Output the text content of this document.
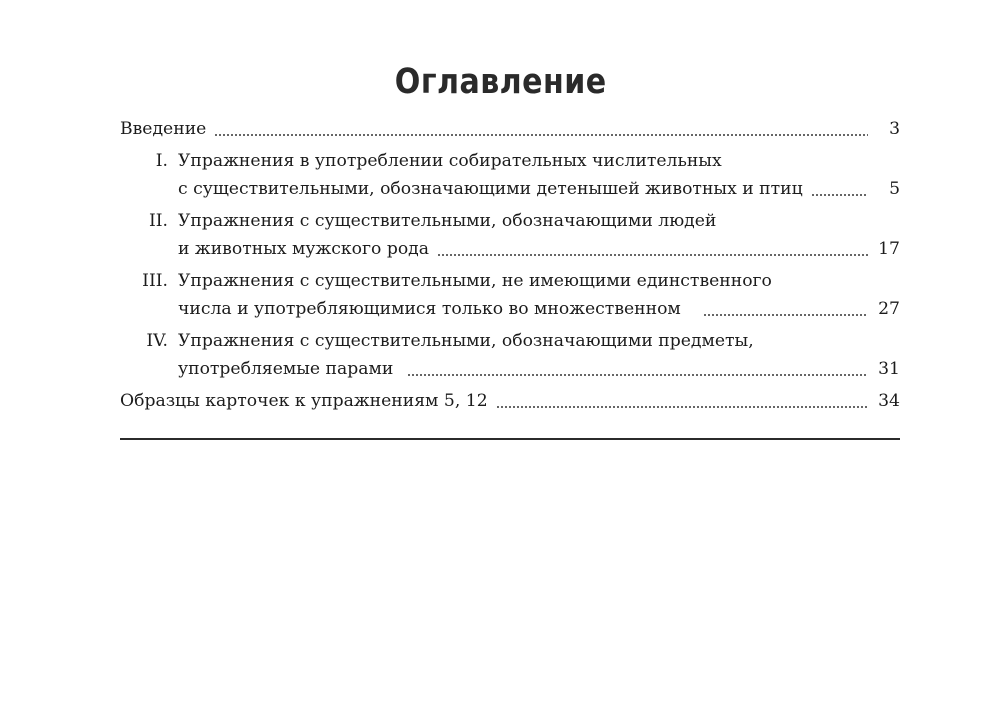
Оглавление
Введение	3
I. Упражнения в употреблении собирательных числительных
с существительными, обозначающими детенышей животных и птиц	5
II. Упражнения с существительными, обозначающими людей
и животных мужского рода	17
III. Упражнения с существительными, не имеющими единственного
числа и употребляющимися только во множественном	27
IV. Упражнения с существительными, обозначающими предметы,
употребляемые парами	31
Образцы карточек к упражнениям 5, 12	34
